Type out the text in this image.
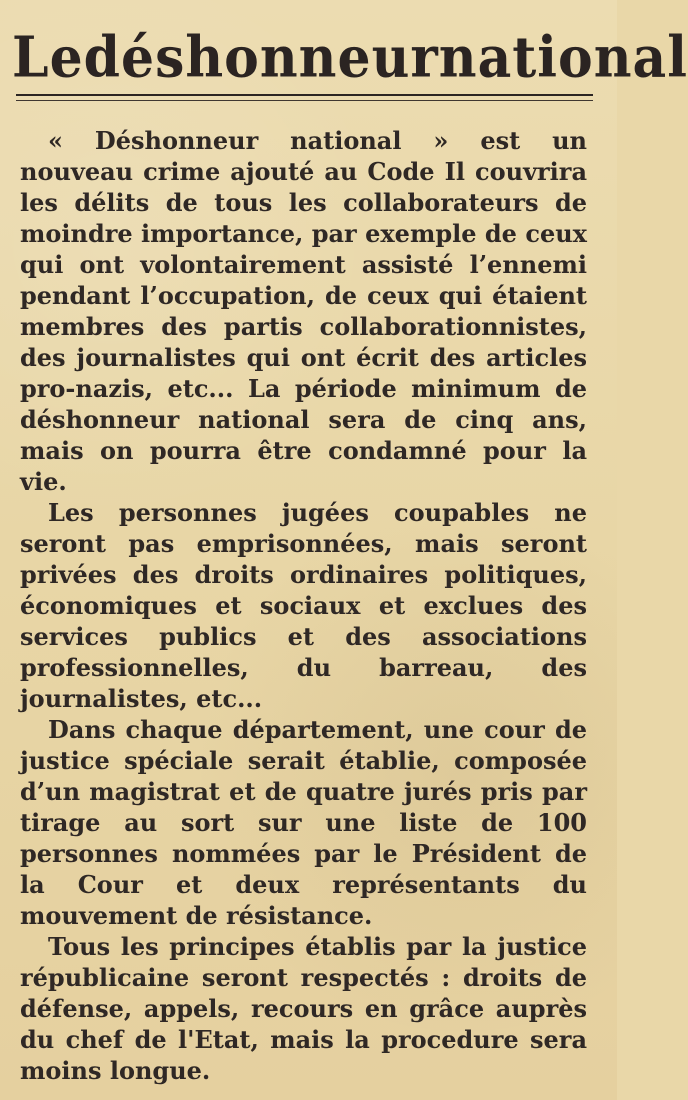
Le déshonneur national

« Déshonneur national » est un nouveau crime ajouté au Code Il couvrira les délits de tous les collaborateurs de moindre importance, par exemple de ceux qui ont volontairement assisté l’ennemi pendant l’occupation, de ceux qui étaient membres des partis collaborationnistes, des journalistes qui ont écrit des articles pro-nazis, etc... La période minimum de déshonneur national sera de cinq ans, mais on pourra être condamné pour la vie.

Les personnes jugées coupables ne seront pas emprisonnées, mais seront privées des droits ordinaires politiques, économiques et sociaux et exclues des services publics et des associations professionnelles, du barreau, des journalistes, etc...

Dans chaque département, une cour de justice spéciale serait établie, composée d’un magistrat et de quatre jurés pris par tirage au sort sur une liste de 100 personnes nommées par le Président de la Cour et deux représentants du mouvement de résistance.

Tous les principes établis par la justice républicaine seront respectés : droits de défense, appels, recours en grâce auprès du chef de l'Etat, mais la procedure sera moins longue.
